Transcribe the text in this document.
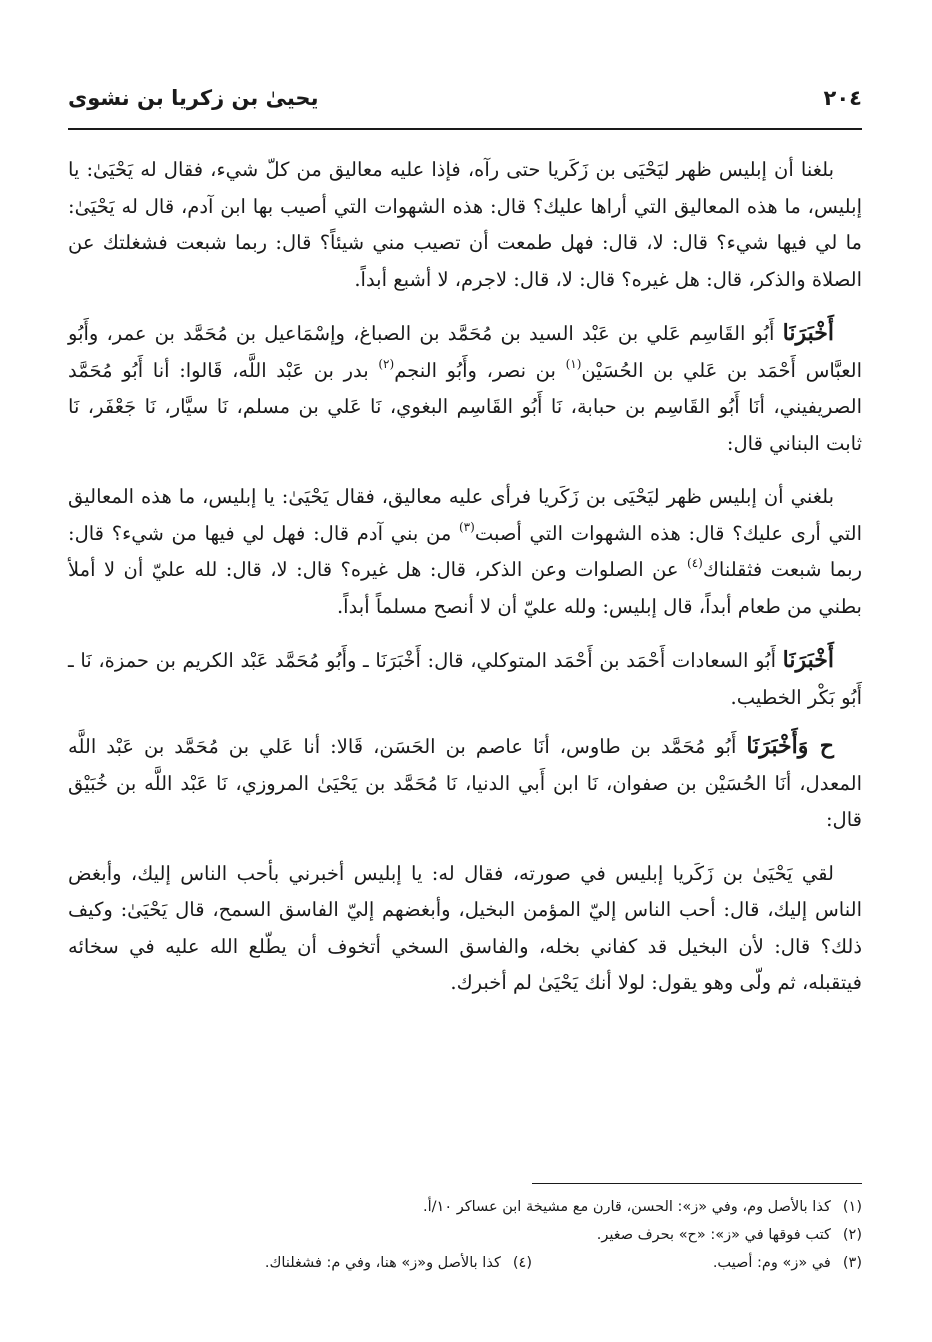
٢٠٤
يحيىٰ بن زكريا بن نشوى

بلغنا أن إبليس ظهر ليَحْيَى بن زَكَريا حتى رآه، فإذا عليه معاليق من كلّ شيء، فقال له يَحْيَىٰ: يا إبليس، ما هذه المعاليق التي أراها عليك؟ قال: هذه الشهوات التي أصيب بها ابن آدم، قال له يَحْيَىٰ: ما لي فيها شيء؟ قال: لا، قال: فهل طمعت أن تصيب مني شيئاً؟ قال: ربما شبعت فشغلتك عن الصلاة والذكر، قال: هل غيره؟ قال: لا، قال: لاجرم، لا أشبع أبداً.

أَخْبَرَنَا أَبُو القَاسِم عَلي بن عَبْد السيد بن مُحَمَّد بن الصباغ، وإسْمَاعيل بن مُحَمَّد بن عمر، وأَبُو العبَّاس أَحْمَد بن عَلي بن الحُسَيْن$^{(١)}$ بن نصر، وأَبُو النجم$^{(٢)}$ بدر بن عَبْد اللَّه، قَالوا: أنا أَبُو مُحَمَّد الصريفيني، أنَا أَبُو القَاسِم بن حبابة، نَا أَبُو القَاسِم البغوي، نَا عَلي بن مسلم، نَا سيَّار، نَا جَعْفَر، نَا ثابت البناني قال:

بلغني أن إبليس ظهر ليَحْيَى بن زَكَريا فرأى عليه معاليق، فقال يَحْيَىٰ: يا إبليس، ما هذه المعاليق التي أرى عليك؟ قال: هذه الشهوات التي أصبت$^{(٣)}$ من بني آدم قال: فهل لي فيها من شيء؟ قال: ربما شبعت فثقلناك$^{(٤)}$ عن الصلوات وعن الذكر، قال: هل غيره؟ قال: لا، قال: لله عليّ أن لا أملأ بطني من طعام أبداً، قال إبليس: ولله عليّ أن لا أنصح مسلماً أبداً.

أَخْبَرَنَا أَبُو السعادات أَحْمَد بن أَحْمَد المتوكلي، قال: أَخْبَرَنَا ـ وأَبُو مُحَمَّد عَبْد الكريم بن حمزة، نَا ـ أَبُو بَكْر الخطيب.

ح وَأَخْبَرَنَا أَبُو مُحَمَّد بن طاوس، أنَا عاصم بن الحَسَن، قَالا: أنا عَلي بن مُحَمَّد بن عَبْد اللَّه المعدل، أنَا الحُسَيْن بن صفوان، نَا ابن أَبي الدنيا، نَا مُحَمَّد بن يَحْيَىٰ المروزي، نَا عَبْد اللَّه بن خُبَيْق قال:

لقي يَحْيَىٰ بن زَكَريا إبليس في صورته، فقال له: يا إبليس أخبرني بأحب الناس إليك، وأبغض الناس إليك، قال: أحب الناس إليّ المؤمن البخيل، وأبغضهم إليّ الفاسق السمح، قال يَحْيَىٰ: وكيف ذلك؟ قال: لأن البخيل قد كفاني بخله، والفاسق السخي أتخوف أن يطّلع الله عليه في سخائه فيتقبله، ثم ولّى وهو يقول: لولا أنك يَحْيَىٰ لم أخبرك.

(١)
كذا بالأصل وم، وفي «ز»: الحسن، قارن مع مشيخة ابن عساكر ١٠/أ.
(٢)
كتب فوقها في «ز»: «ح» بحرف صغير.
(٣)
في «ز» وم: أصيب.
(٤)
كذا بالأصل و«ز» هنا، وفي م: فشغلناك.
